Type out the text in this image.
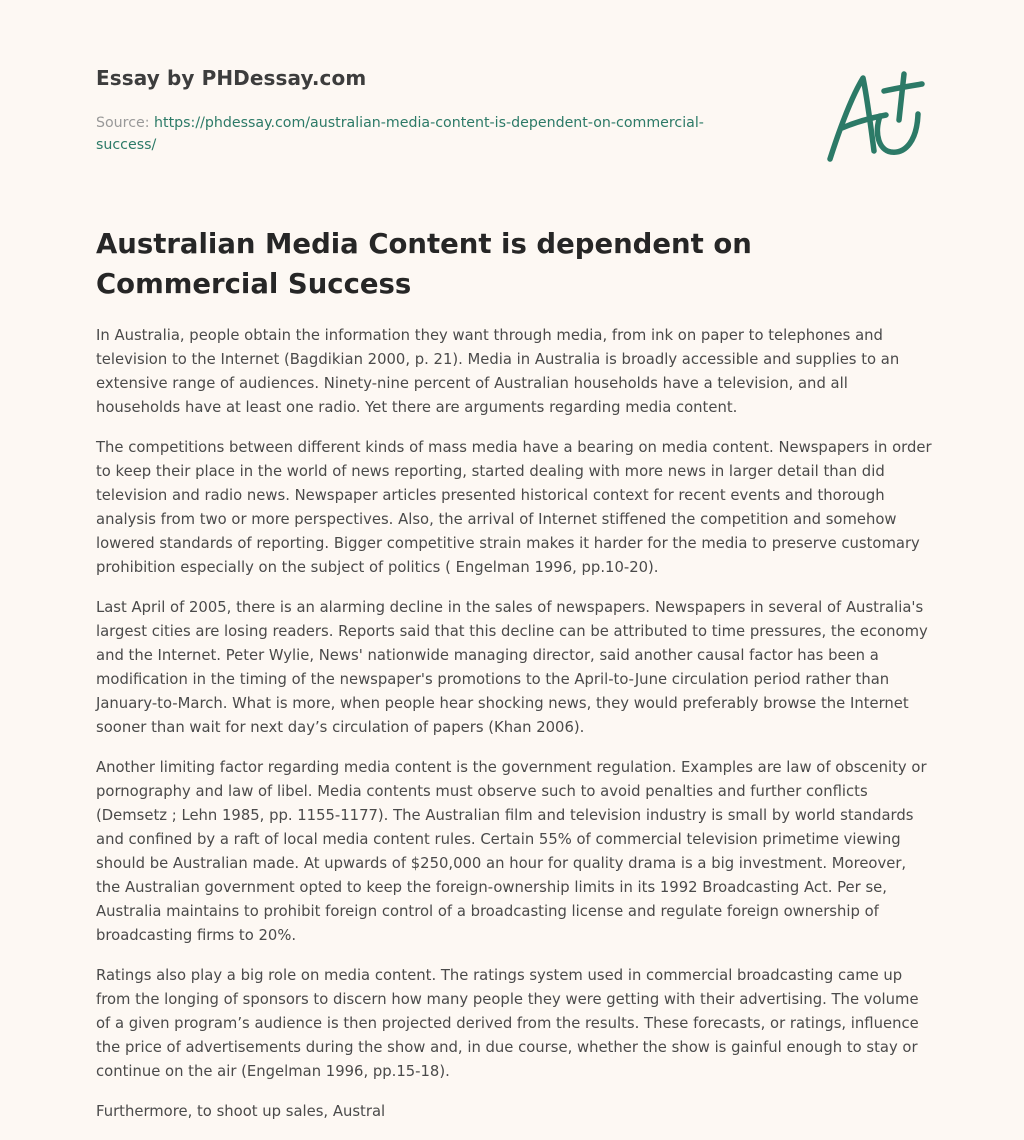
Essay by PHDessay.com
Source: https://phdessay.com/australian-media-content-is-dependent-on-commercial-success/
Australian Media Content is dependent on Commercial Success

In Australia, people obtain the information they want through media, from ink on paper to telephones and television to the Internet (Bagdikian 2000, p. 21). Media in Australia is broadly accessible and supplies to an extensive range of audiences. Ninety-nine percent of Australian households have a television, and all households have at least one radio. Yet there are arguments regarding media content.

The competitions between different kinds of mass media have a bearing on media content. Newspapers in order to keep their place in the world of news reporting, started dealing with more news in larger detail than did television and radio news. Newspaper articles presented historical context for recent events and thorough analysis from two or more perspectives. Also, the arrival of Internet stiffened the competition and somehow lowered standards of reporting. Bigger competitive strain makes it harder for the media to preserve customary prohibition especially on the subject of politics ( Engelman 1996, pp.10-20).

Last April of 2005, there is an alarming decline in the sales of newspapers. Newspapers in several of Australia's largest cities are losing readers. Reports said that this decline can be attributed to time pressures, the economy and the Internet. Peter Wylie, News' nationwide managing director, said another causal factor has been a modification in the timing of the newspaper's promotions to the April-to-June circulation period rather than January-to-March. What is more, when people hear shocking news, they would preferably browse the Internet sooner than wait for next day’s circulation of papers (Khan 2006).

Another limiting factor regarding media content is the government regulation. Examples are law of obscenity or pornography and law of libel. Media contents must observe such to avoid penalties and further conflicts (Demsetz ; Lehn 1985, pp. 1155-1177). The Australian film and television industry is small by world standards and confined by a raft of local media content rules. Certain 55% of commercial television primetime viewing should be Australian made. At upwards of $250,000 an hour for quality drama is a big investment. Moreover, the Australian government opted to keep the foreign-ownership limits in its 1992 Broadcasting Act. Per se, Australia maintains to prohibit foreign control of a broadcasting license and regulate foreign ownership of broadcasting firms to 20%.

Ratings also play a big role on media content. The ratings system used in commercial broadcasting came up from the longing of sponsors to discern how many people they were getting with their advertising. The volume of a given program’s audience is then projected derived from the results. These forecasts, or ratings, influence the price of advertisements during the show and, in due course, whether the show is gainful enough to stay or continue on the air (Engelman 1996, pp.15-18).

Furthermore, to shoot up sales, Austral
